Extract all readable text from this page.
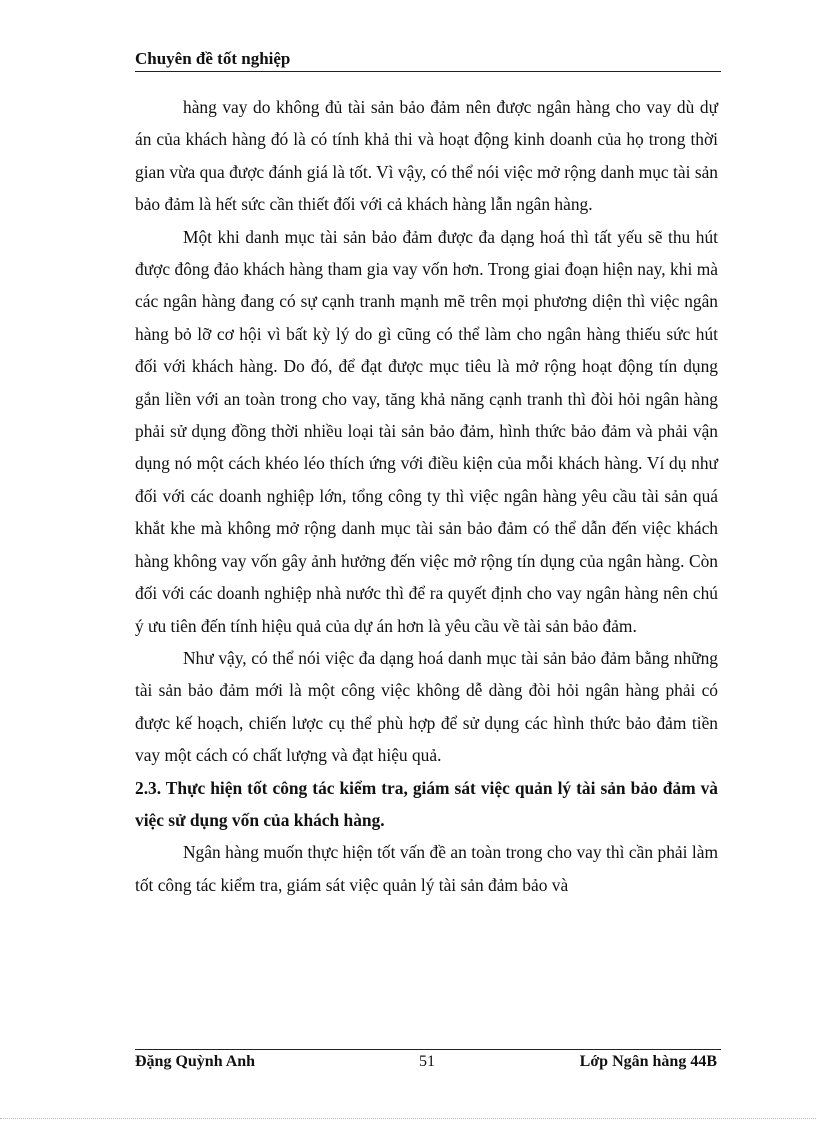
Chuyên đề tốt nghiệp

hàng vay do không đủ tài sản bảo đảm nên được ngân hàng cho vay dù dự án của khách hàng đó là có tính khả thi và hoạt động kinh doanh của họ trong thời gian vừa qua được đánh giá là tốt. Vì vậy, có thể nói việc mở rộng danh mục tài sản bảo đảm là hết sức cần thiết đối với cả khách hàng lẫn ngân hàng.

Một khi danh mục tài sản bảo đảm được đa dạng hoá thì tất yếu sẽ thu hút được đông đảo khách hàng tham gia vay vốn hơn. Trong giai đoạn hiện nay, khi mà các ngân hàng đang có sự cạnh tranh mạnh mẽ trên mọi phương diện thì việc ngân hàng bỏ lỡ cơ hội vì bất kỳ lý do gì cũng có thể làm cho ngân hàng thiếu sức hút đối với khách hàng. Do đó, để đạt được mục tiêu là mở rộng hoạt động tín dụng gắn liền với an toàn trong cho vay, tăng khả năng cạnh tranh thì đòi hỏi ngân hàng phải sử dụng đồng thời nhiều loại tài sản bảo đảm, hình thức bảo đảm và phải vận dụng nó một cách khéo léo thích ứng với điều kiện của mỗi khách hàng. Ví dụ như đối với các doanh nghiệp lớn, tổng công ty thì việc ngân hàng yêu cầu tài sản quá khắt khe mà không mở rộng danh mục tài sản bảo đảm có thể dẫn đến việc khách hàng không vay vốn gây ảnh hưởng đến việc mở rộng tín dụng của ngân hàng. Còn đối với các doanh nghiệp nhà nước thì để ra quyết định cho vay ngân hàng nên chú ý ưu tiên đến tính hiệu quả của dự án hơn là yêu cầu về tài sản bảo đảm.

Như vậy, có thể nói việc đa dạng hoá danh mục tài sản bảo đảm bằng những tài sản bảo đảm mới là một công việc không dễ dàng đòi hỏi ngân hàng phải có được kế hoạch, chiến lược cụ thể phù hợp để sử dụng các hình thức bảo đảm tiền vay một cách có chất lượng và đạt hiệu quả.

2.3. Thực hiện tốt công tác kiểm tra, giám sát việc quản lý tài sản bảo đảm và việc sử dụng vốn của khách hàng.

Ngân hàng muốn thực hiện tốt vấn đề an toàn trong cho vay thì cần phải làm tốt công tác kiểm tra, giám sát việc quản lý tài sản đảm bảo và

Đặng Quỳnh Anh	51	Lớp Ngân hàng 44B
